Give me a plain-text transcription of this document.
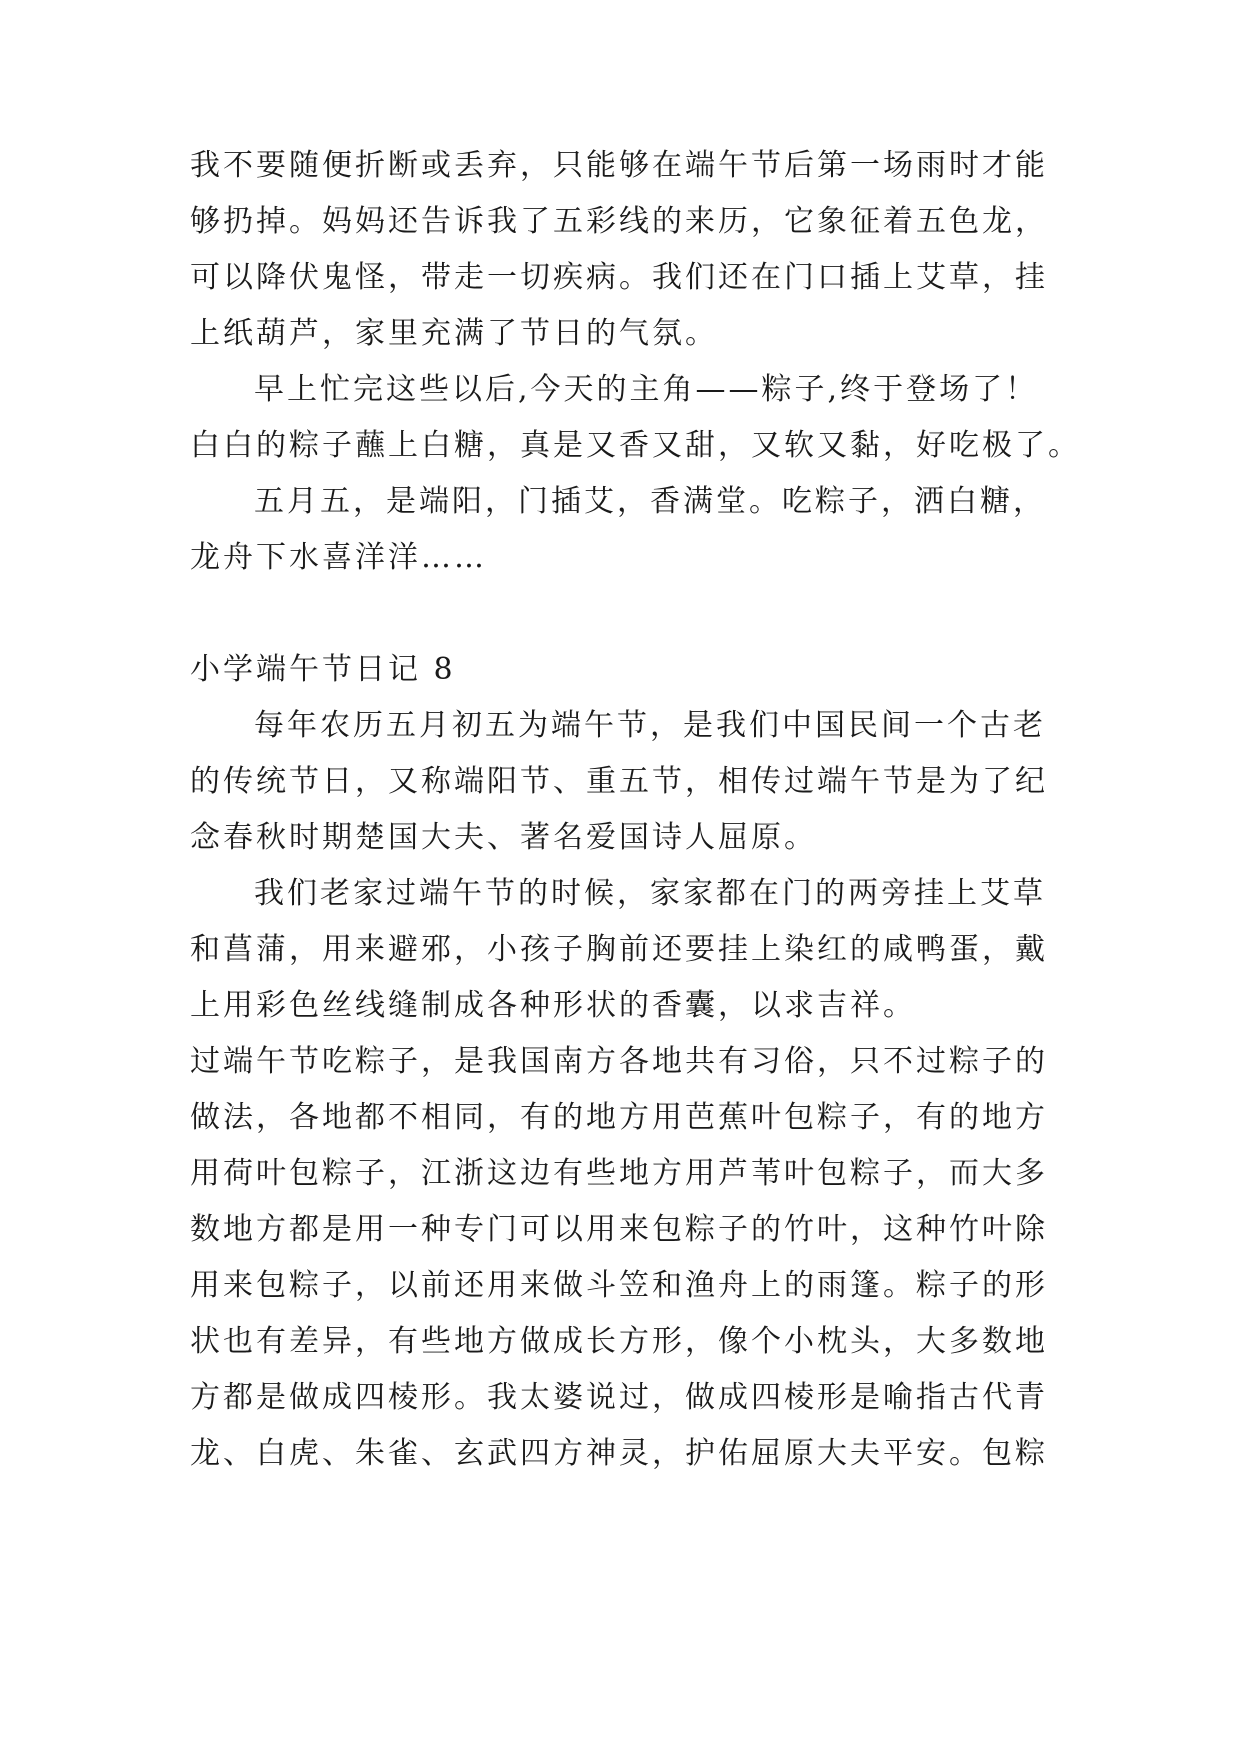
我不要随便折断或丢弃，只能够在端午节后第一场雨时才能
够扔掉。妈妈还告诉我了五彩线的来历，它象征着五色龙，
可以降伏鬼怪，带走一切疾病。我们还在门口插上艾草，挂
上纸葫芦，家里充满了节日的气氛。
早上忙完这些以后,今天的主角——粽子,终于登场了！
白白的粽子蘸上白糖，真是又香又甜，又软又黏，好吃极了。
五月五，是端阳，门插艾，香满堂。吃粽子，洒白糖，
龙舟下水喜洋洋……
小学端午节日记 8
每年农历五月初五为端午节，是我们中国民间一个古老
的传统节日，又称端阳节、重五节，相传过端午节是为了纪
念春秋时期楚国大夫、著名爱国诗人屈原。
我们老家过端午节的时候，家家都在门的两旁挂上艾草
和菖蒲，用来避邪，小孩子胸前还要挂上染红的咸鸭蛋，戴
上用彩色丝线缝制成各种形状的香囊，以求吉祥。
过端午节吃粽子，是我国南方各地共有习俗，只不过粽子的
做法，各地都不相同，有的地方用芭蕉叶包粽子，有的地方
用荷叶包粽子，江浙这边有些地方用芦苇叶包粽子，而大多
数地方都是用一种专门可以用来包粽子的竹叶，这种竹叶除
用来包粽子，以前还用来做斗笠和渔舟上的雨篷。粽子的形
状也有差异，有些地方做成长方形，像个小枕头，大多数地
方都是做成四棱形。我太婆说过，做成四棱形是喻指古代青
龙、白虎、朱雀、玄武四方神灵，护佑屈原大夫平安。包粽
